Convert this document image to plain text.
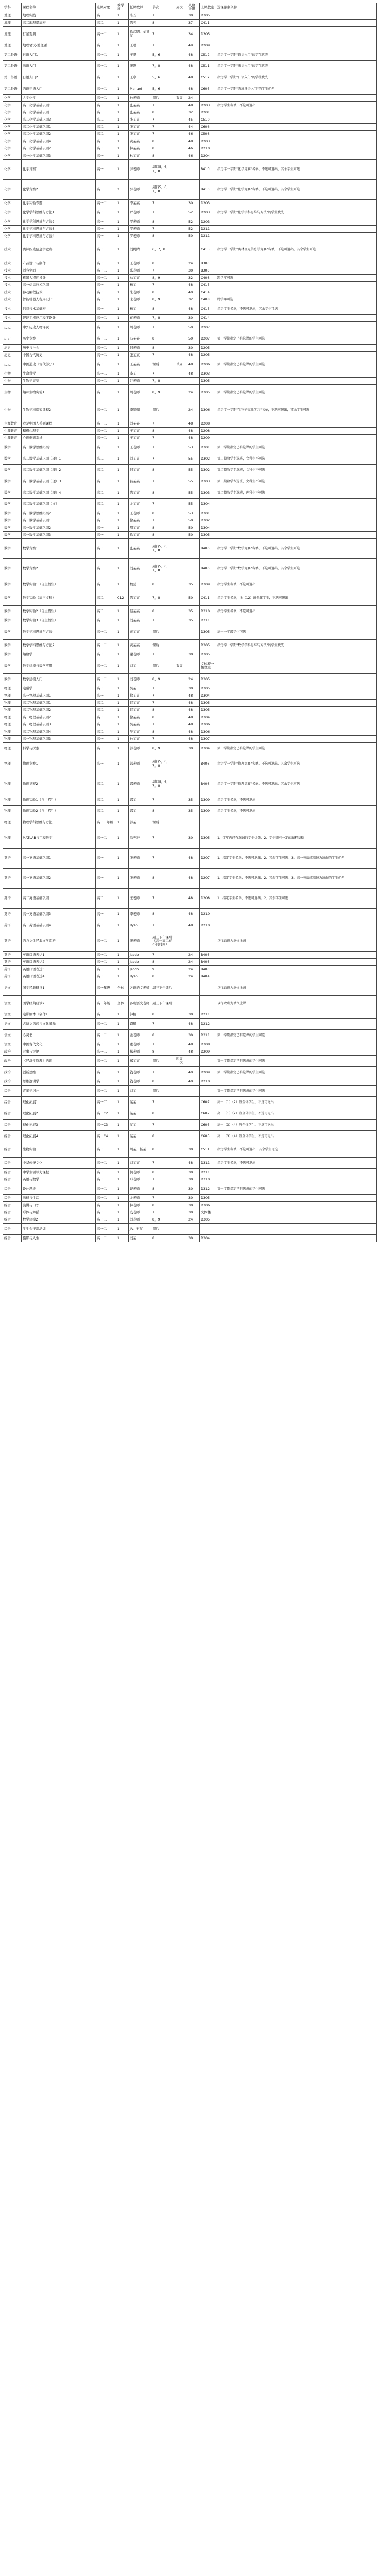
学科	课程名称	选课对象	教学班	任课教师	节次	周次	人数上限	上课教室	选课限制条件
地理	地理实践	高一二	1	陈五	7		30	D305	
地理	高二地理提高班	高二	1	陈五	8		37	C411	
地理	行星观测	高一二	1	徐武明、刘某某	7		34	D305	
地理	地理笔试-地理题	高一二	1	王嗯	7		49	D209	
第二外语	日语入门1	高一二	1	王嗯	5，6		48	C512	指定学一学期"德语入门"的学生优先
第二外语	法语入门	高一二	1	宋趣	7，8		48	C511	指定学一学期"法语入门"的学生优先
第二外语	日语入门2	高一二	1	王卓	5，6		48	C512	指定学一学期"日语入门"的学生优先
第二外语	西班牙语入门	高一二	1	Manuel	5，6		48	C605	指定学一学期"西班牙语入门"的学生优先
化学	大学化学	高一二	1	孙老师	课后	双周	24		
化学	高一化学基础巩固1	高一	1	张某某	7		48	D203	指定学生名单，不选可退出
化学	高二化学基础巩固	高二	1	张某某	8		32	D201	
化学	高二化学基础巩固3	高二	1	张某某	7		45	C510	
化学	高二化学基础巩固1	高二	1	张某某	7		44	C606	
化学	高二化学基础巩固2	高二	1	张某某	7		46	C508	
化学	高二化学基础巩固4	高二	1	黄某某	8		48	D203	
化学	高一化学基础巩固2	高一	1	林某某	8		46	D210	
化学	高一化学基础巩固3	高一	1	林某某	8		46	D204	
化学	化学竞赛1	高一	1	薛老师	周四5，6，7，8			B410	指定学一学期"化学竞赛"名单，不选可退出，其余学生可选
化学	化学竞赛2	高二	2	薛老师	周四5，6，7，8			B410	指定学一学期"化学竞赛"名单，不选可退出，其余学生可选
化学	化学实验专题	高一二	1	李某某	7		30	D203	
化学	化学学科思维与方法1	高一	1	罗老师	7		52	D203	指定学一学期"化学学科思维与方法"的学生优先
化学	化学学科思维与方法2	高一	1	罗老师	8		52	D203	
化学	化学学科思维与方法3	高一	1	罗老师	7		52	D211	
化学	化学学科思维与方法4	高一	1	罗老师	8		50	D211	
技术	奥林匹克信息学竞赛	高一二	1	刘腾腾	6，7，8			C415	指定学一学期"奥林匹克信息学竞赛"名单，不选可退出，其余学生可选
技术	产品设计与制作	高一二	1	王老师	8		24	B303	
技术	创客空间	高一二	1	乐老师	7		30	B303	
技术	机器人程序设计	高一二	1	马某某	8，9		32	C408	跨学年可选
技术	高一信息技术巩固	高一	1	杨某	7		48	C415	
技术	移动编程技术	高一二	1	朱老师	8		40	C414	
技术	智能机器人程序设计	高一二	1	宋老师	8，9		32	C408	跨学年可选
技术	信息技术基础班	高一	1	杨某	8		48	C415	指定学生名单，不选可退出，其余学生可选
技术	智能手机应用程序设计	高一二	1	蒋老师	7，8		30	C414	
历史	中外历史人物评说	高一二	1	周老师	7		50	D207	
历史	历史竞赛	高一二	1	冯某某	8		50	D207	第一学期指定已有选课的学生可选
历史	历史与社会	高一二	1	何老师	8		30	D205	
历史	中国古代历史	高一二	1	张某某	7		48	D205	
历史	中国通史（古代部分）	高一二	1	王某某	课后	单周	48	D206	第一学期指定已有选课的学生可选
生物	生命科学	高一二	1	李某	7		48	D303	
生物	生物学竞赛	高一二	1	谷老师	7，8			D305	
生物	趣味生物实验1	高一	1	周老师	8，9		24	D305	第一学期指定已有选课的学生可选
生物	生物学科探究课程2	高一二	1	李明媚	课后		24	D306	指定学一学期"生物研究性学习"名单，不选可退出，其余学生可选
生涯教育	我是中国人系列课程	高一二	1	刘某某	7		48	D208	
生涯教育	积极心理学	高一二	1	王某某	8		48	D208	
生涯教育	心理电影赏析	高一二	1	王某某	7		48	D209	
数学	高一数学思维拓展1	高一	1	王老师	7		53	D301	第一学期指定已有选课的学生可选
数学	高二数学基础巩固（理）1	高二	1	刘某某	7		55	D302	第二期数学专选班，文科生不可选
数学	高二数学基础巩固（理）2	高二	1	何某某	8		55	D302	第二期数学专选班，文科生不可选
数学	高二数学基础巩固（理）3	高二	1	吕某某	7		55	D303	第二期数学专选班，文科生不可选
数学	高二数学基础巩固（理）4	高二	1	陈某某	8		55	D303	第二期数学专选班，理科生不可选
数学	高二数学基础巩固（文）	高二	1	金某某	7		55	D304	
数学	高一数学思维拓展2	高一	1	王老师	8		53	D301	
数学	高一数学基础巩固1	高一	1	徐某某	7		50	D302	
数学	高一数学基础巩固2	高一	1	周某某	8		50	D304	
数学	高一数学基础巩固3	高一	1	徐某某	8		50	D305	
数学	数学竞赛1	高一	1	张某某	周四5，6，7，8			B406	指定学一学期"数学竞赛"名单，不选可退出，其余学生可选
数学	数学竞赛2	高二	1	刘某某	周四5，6，7，8			B406	指定学一学期"数学竞赛"名单，不选可退出，其余学生可选
数学	数学实验1（自主招生）	高二	1	魏岳	8		35	D309	指定学生名单，不选可退出
数学	数学实验（高三文科）	高二	C12	陈某某	7，8		50	C411	指定学生名单，上（12）班全体学生，不选可退出
数学	数学实验2（自主招生）	高二	1	赵某某	8		35	D310	指定学生名单，不选可退出
数学	数学实验3（自主招生）	高二	1	刘某某	7		35	D311	
数学	数学学科思维与方法	高一二	1	黄某某	课后			D305	高一一年级学生可选
数学	数学学科思维与方法2	高一二	1	黄某某	课后			D305	指定学一学期"数学学科思维与方法"的学生优先
数学	趣数学	高一二	1	谢老师	7		30	D305	
数学	数学建模与数学应用	高一二	1	刘某	课后	双周		文体楼一楼教室	
数学	数学建模入门	高一二	1	刘老师	8，9		24	D305	
物理	电磁学	高一二	1	吴某	7		30	D305	
物理	高一物理基础巩固1	高一	1	徐某某	7		48	D304	
物理	高二物理基础巩固1	高二	1	赵某某	7		48	D305	
物理	高二物理基础巩固2	高二	1	赵某某	8		48	D305	
物理	高一物理基础巩固2	高一	1	徐某某	8		48	D304	
物理	高二物理基础巩固3	高二	1	吴某某	7		48	D306	
物理	高二物理基础巩固4	高二	1	吴某某	8		48	D306	
物理	高一物理基础巩固3	高一	1	孙某某	7		48	D307	
物理	科学与探索	高一二	1	郭老师	8，9		30	D304	第一学期指定已有选课的学生可选
物理	物理竞赛1	高一	1	郭老师	周四5，6，7，8			B408	指定学一学期"物理竞赛"名单，不选可退出，其余学生可选
物理	物理竞赛2	高二	1	郭老师	周四5，6，7，8			B408	指定学一学期"物理竞赛"名单，不选可退出，其余学生可选
物理	物理实验1（自主招生）	高二	1	郭某	7		35	D309	指定学生名单，不选可退出
物理	物理实验2（自主招生）	高二	1	郭某	8		35	D309	指定学生名单，不选可退出
物理	物理学科思维与方法	高一二年级	1	郭某	课后				
物理	MATLAB与工程数学	高一二	1	冯先进	7		30	D305	1、学年内已有选课的学生优先；2、学生需有一定的编程基础
英语	高一英语基础巩固1	高一	1	张老师	7		48	D207	1、指定学生名单，不选可退出；2、其余学生可选；3、高一英语成绩较为薄弱的学生优先
英语	高一英语基础巩固2	高一	1	张老师	8		48	D207	1、指定学生名单，不选可退出；2、其余学生可选；3、高一英语成绩较为薄弱的学生优先
英语	高二英语基础巩固	高二	1	王老师	7		48	D208	1、指定学生名单，不选可退出；2、其余学生可选
英语	高一英语基础巩固3	高一	1	李老师	8		48	D210	
英语	高一英语基础巩固4	高一	1	Ryan	7		48	D210	
英语	西方文化经典文学赏析	高一二	1	宋老师	周三下午课后（高一高二在不同时间）				以行政班为单位上课
英语	英语口语表达1	高一二	1	Jacob	7		24	B403	
英语	英语口语表达2	高一二	1	Jacob	8		24	B403	
英语	英语口语表达3	高一二	1	Jacob	9		24	B403	
英语	英语口语表达4	高一二	1	Ryan	8		24	B404	
语文	国学经典研读1	高一年级	全体	各班语文老师	周三下午课后				以行政班为单位上课
语文	国学经典研读2	高二年级	全体	各班语文老师	周三下午课后				以行政班为单位上课
语文	电影剧本（创作）	高一二	1	韩楠	8		30	D211	
语文	古诗文选读与文化阐释	高一二	1	谭珺	7		48	D212	
语文	心灵书	高一二	1	孟老师	8		30	D311	第一学期指定已有选课的学生可选
语文	中国古代文化	高一二	1	董老师	7		48	D308	
政治	时事与评论	高一二	1	郑老师	8		48	D209	
政治	《经济学原理》选讲	高一二	1	郑某某	课后	四周一次			第一学期指定已有选课的学生可选
政治	创新思维	高一二	1	钱老师	7		40	D209	第一学期指定已有选课的学生可选
政治	思维逻辑学	高一二	1	钱老师	8		40	D210	
综合	青年学习社	高一二	1	刘某	课后				第一学期指定已有选课的学生可选
综合	理化拓展1	高一C1	1	某某	7			C607	高一（1）（2）班全体学生，不选可退出
综合	理化拓展2	高一C2	1	某某	8			C607	高一（1）（2）班全体学生，不选可退出
综合	理化拓展3	高一C3	1	某某	7			C605	高一（3）（4）班全体学生，不选可退出
综合	理化拓展4	高一C4	1	某某	8			C605	高一（3）（4）班全体学生，不选可退出
综合	生物实验	高一二	1	周某、杨某	8		30	C511	指定学生名单，不选可退出，其余学生可选
综合	中华传统文化	高一二	1	刘某某	7		48	D311	指定学生名单，不选可退出
综合	中学生领导力课程	高一二	1	何老师	8		30	D211	
综合	英语与数学	高一二	1	邢老师	7		30	D310	
综合	设计思维	高一二	1	谈老师	8		30	D312	第一学期指定已有选课的学生可选
综合	法律与生活	高一二	1	金老师	7		30	D305	
综合	演讲与口才	高一二	1	林老师	8		30	D306	
综合	形体与舞蹈	高一二	1	戚老师	7		30	文体楼	
综合	数学建模2	高一二	1	刘老师	8，9		24	D305	
综合	学生会干部培训	高一二	1	JA、王某	课后				
综合	摄影与人生	高一二	1	刘某	8		30	D304	
